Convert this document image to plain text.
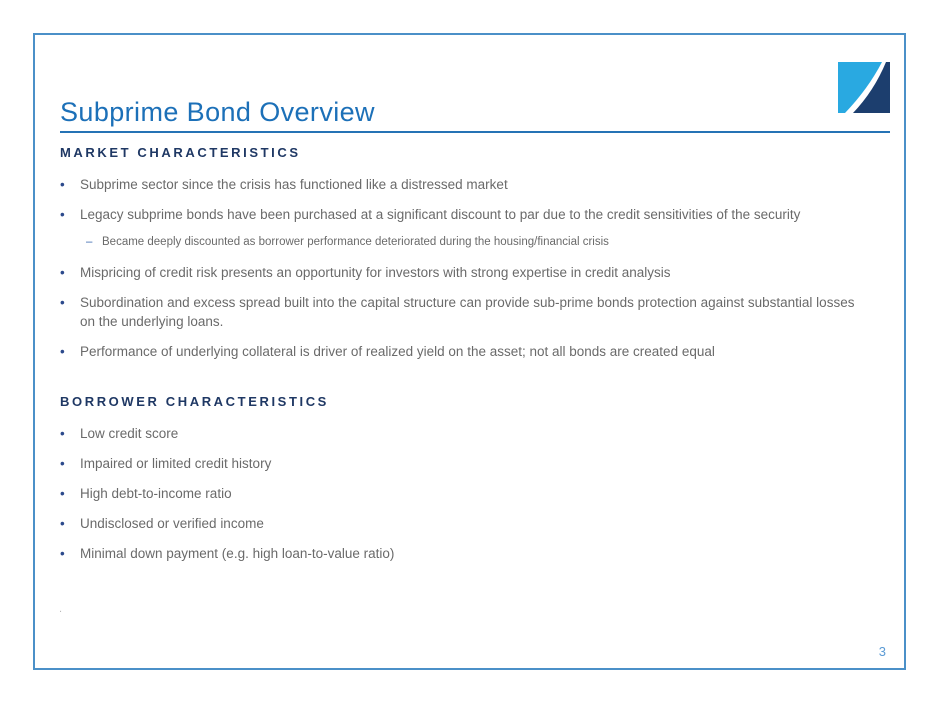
Subprime Bond Overview
MARKET CHARACTERISTICS
•	Subprime sector since the crisis has functioned like a distressed market
•	Legacy subprime bonds have been purchased at a significant discount to par due to the credit sensitivities of the security
– Became deeply discounted as borrower performance deteriorated during the housing/financial crisis
•	Mispricing of credit risk presents an opportunity for investors with strong expertise in credit analysis
•	Subordination and excess spread built into the capital structure can provide sub-prime bonds protection against substantial losses on the underlying loans.
•	Performance of underlying collateral is driver of realized yield on the asset; not all bonds are created equal
BORROWER CHARACTERISTICS
•	Low credit score
•	Impaired or limited credit history
•	High debt-to-income ratio
•	Undisclosed or verified income
•	Minimal down payment (e.g. high loan-to-value ratio)
.
3
